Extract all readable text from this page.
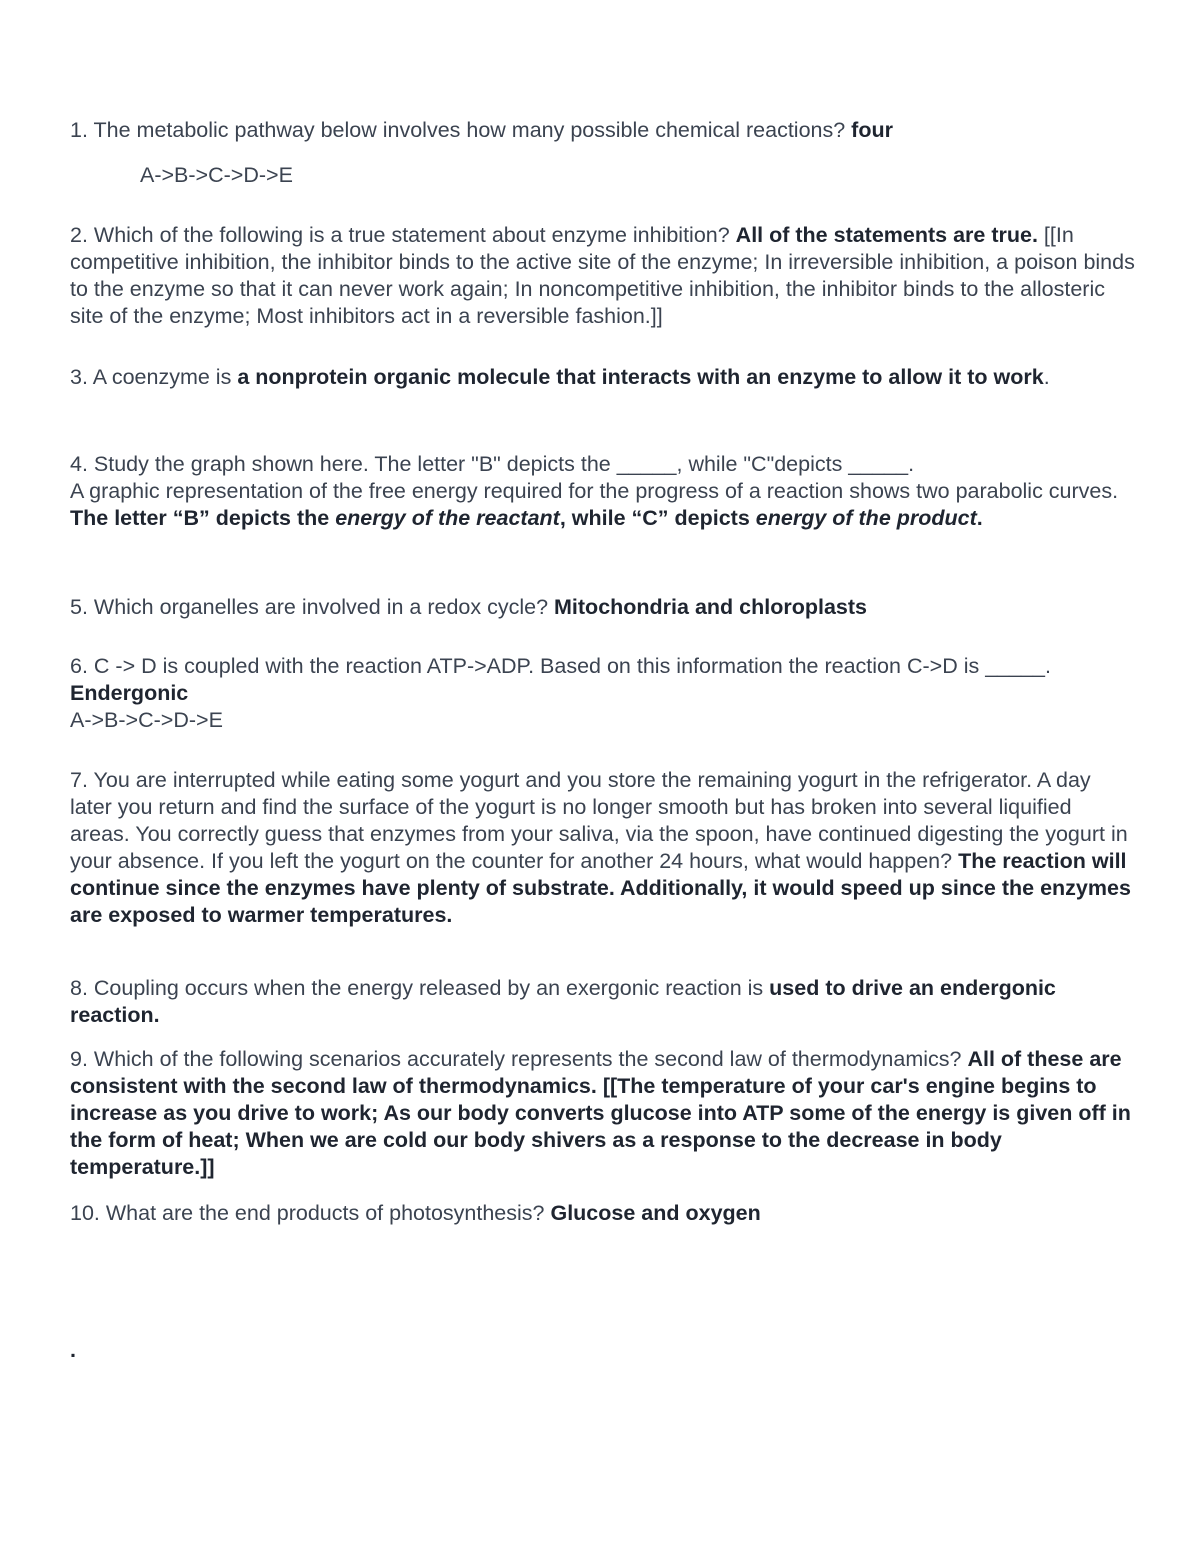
1. The metabolic pathway below involves how many possible chemical reactions? four

A->B->C->D->E

2. Which of the following is a true statement about enzyme inhibition? All of the statements are true. [[In competitive inhibition, the inhibitor binds to the active site of the enzyme; In irreversible inhibition, a poison binds to the enzyme so that it can never work again; In noncompetitive inhibition, the inhibitor binds to the allosteric site of the enzyme; Most inhibitors act in a reversible fashion.]]

3. A coenzyme is a nonprotein organic molecule that interacts with an enzyme to allow it to work.

4. Study the graph shown here. The letter "B" depicts the _____, while "C"depicts _____.
A graphic representation of the free energy required for the progress of a reaction shows two parabolic curves. The letter “B” depicts the energy of the reactant, while “C” depicts energy of the product.

5. Which organelles are involved in a redox cycle? Mitochondria and chloroplasts

6. C -> D is coupled with the reaction ATP->ADP. Based on this information the reaction C->D is _____. Endergonic
A->B->C->D->E

7. You are interrupted while eating some yogurt and you store the remaining yogurt in the refrigerator. A day later you return and find the surface of the yogurt is no longer smooth but has broken into several liquified areas. You correctly guess that enzymes from your saliva, via the spoon, have continued digesting the yogurt in your absence. If you left the yogurt on the counter for another 24 hours, what would happen? The reaction will continue since the enzymes have plenty of substrate. Additionally, it would speed up since the enzymes are exposed to warmer temperatures.

8. Coupling occurs when the energy released by an exergonic reaction is used to drive an endergonic reaction.

9. Which of the following scenarios accurately represents the second law of thermodynamics? All of these are consistent with the second law of thermodynamics. [[The temperature of your car's engine begins to increase as you drive to work; As our body converts glucose into ATP some of the energy is given off in the form of heat; When we are cold our body shivers as a response to the decrease in body temperature.]]

10. What are the end products of photosynthesis? Glucose and oxygen

.
